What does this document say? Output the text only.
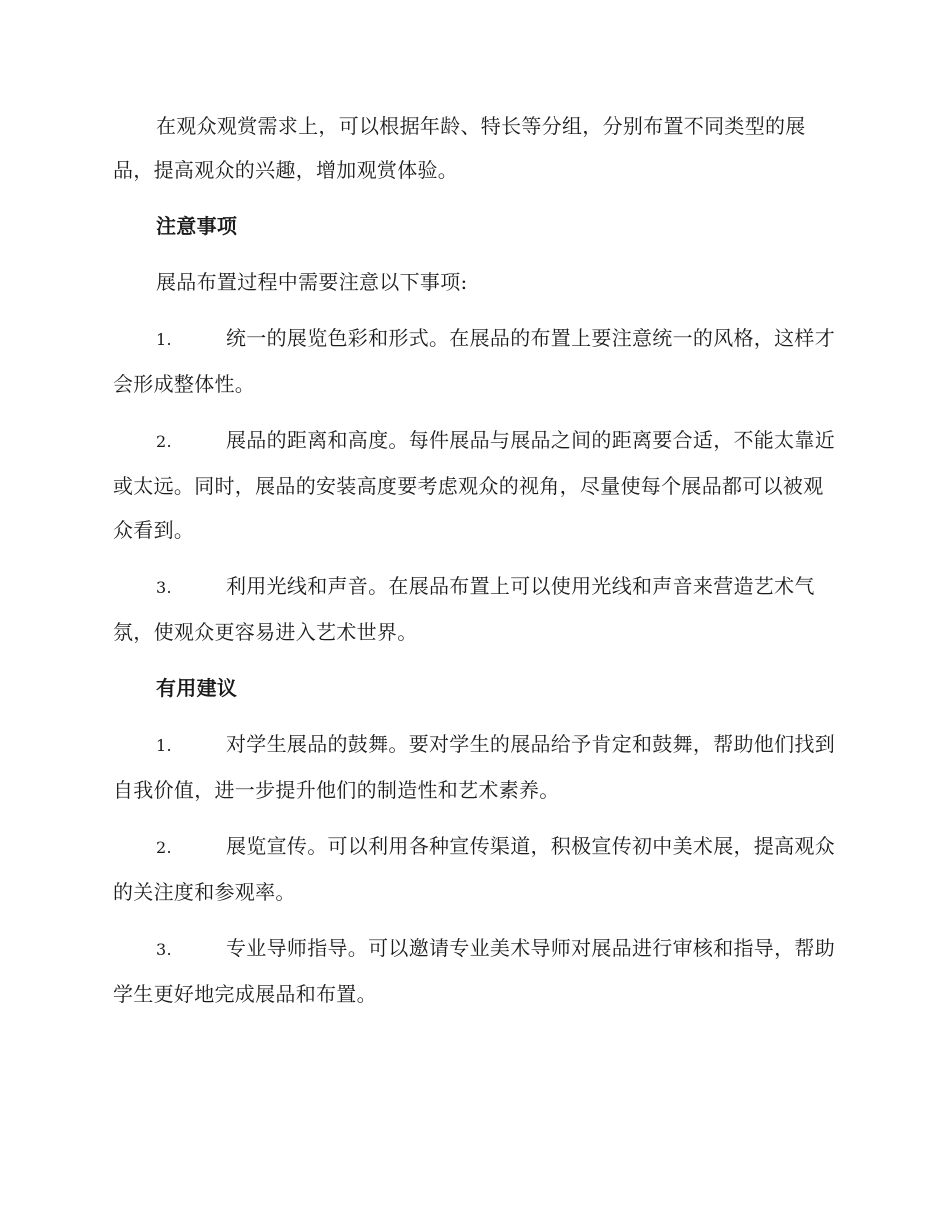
在观众观赏需求上，可以根据年龄、特长等分组，分别布置不同类型的展品，提高观众的兴趣，增加观赏体验。

注意事项

展品布置过程中需要注意以下事项:

1.	统一的展览色彩和形式。在展品的布置上要注意统一的风格，这样才会形成整体性。

2.	展品的距离和高度。每件展品与展品之间的距离要合适，不能太靠近或太远。同时，展品的安装高度要考虑观众的视角，尽量使每个展品都可以被观众看到。

3.	利用光线和声音。在展品布置上可以使用光线和声音来营造艺术气氛，使观众更容易进入艺术世界。

有用建议

1.	对学生展品的鼓舞。要对学生的展品给予肯定和鼓舞，帮助他们找到自我价值，进一步提升他们的制造性和艺术素养。

2.	展览宣传。可以利用各种宣传渠道，积极宣传初中美术展，提高观众的关注度和参观率。

3.	专业导师指导。可以邀请专业美术导师对展品进行审核和指导，帮助学生更好地完成展品和布置。
